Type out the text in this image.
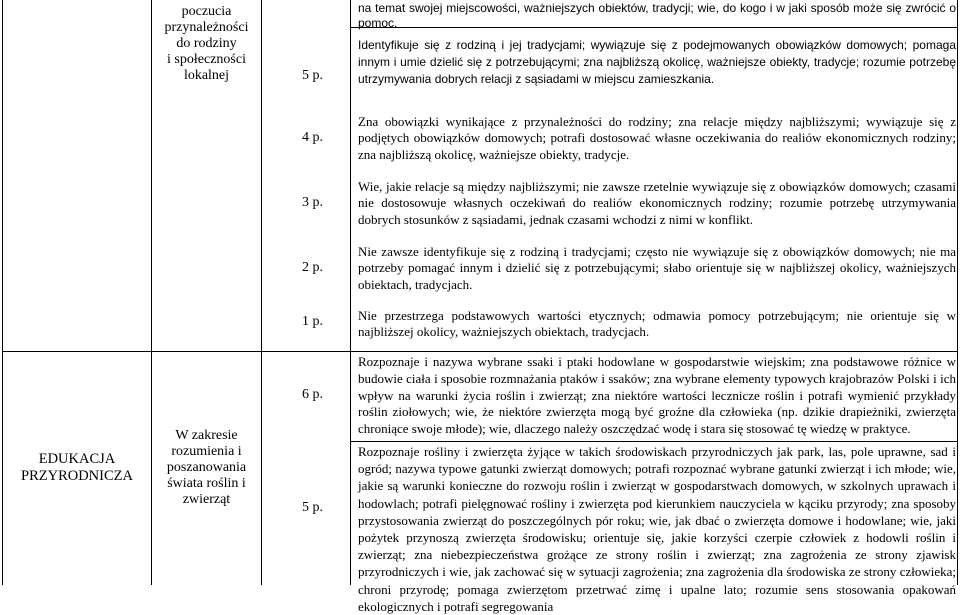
poczucia
przynależności
do rodziny
i społeczności
lokalnej	5 p.
4 p.
3 p.
2 p.
1 p.
na temat swojej miejscowości, ważniejszych obiektów, tradycji; wie, do kogo i w jaki sposób może się zwrócić o pomoc.
Identyfikuje się z rodziną i jej tradycjami; wywiązuje się z podejmowanych obowiązków domowych; pomaga innym i umie dzielić się z potrzebującymi; zna najbliższą okolicę, ważniejsze obiekty, tradycje; rozumie potrzebę utrzymywania dobrych relacji z sąsiadami w miejscu zamieszkania.
Zna obowiązki wynikające z przynależności do rodziny; zna relacje między najbliższymi; wywiązuje się z podjętych obowiązków domowych; potrafi dostosować własne oczekiwania do realiów ekonomicznych rodziny; zna najbliższą okolicę, ważniejsze obiekty, tradycje.
Wie, jakie relacje są między najbliższymi; nie zawsze rzetelnie wywiązuje się z obowiązków domowych; czasami nie dostosowuje własnych oczekiwań do realiów ekonomicznych rodziny; rozumie potrzebę utrzymywania dobrych stosunków z sąsiadami, jednak czasami wchodzi z nimi w konflikt.
Nie zawsze identyfikuje się z rodziną i tradycjami; często nie wywiązuje się z obowiązków domowych; nie ma potrzeby pomagać innym i dzielić się z potrzebującymi; słabo orientuje się w najbliższej okolicy, ważniejszych obiektach, tradycjach.
Nie przestrzega podstawowych wartości etycznych; odmawia pomocy potrzebującym; nie orientuje się w najbliższej okolicy, ważniejszych obiektach, tradycjach.
EDUKACJA
PRZYRODNICZA
W zakresie
rozumienia i
poszanowania
świata roślin i
zwierząt
6 p.
5 p.
Rozpoznaje i nazywa wybrane ssaki i ptaki hodowlane w gospodarstwie wiejskim; zna podstawowe różnice w budowie ciała i sposobie rozmnażania ptaków i ssaków; zna wybrane elementy typowych krajobrazów Polski i ich wpływ na warunki życia roślin i zwierząt; zna niektóre wartości lecznicze roślin i potrafi wymienić przykłady roślin ziołowych; wie, że niektóre zwierzęta mogą być groźne dla człowieka (np. dzikie drapieżniki, zwierzęta chroniące swoje młode); wie, dlaczego należy oszczędzać wodę i stara się stosować tę wiedzę w praktyce.
Rozpoznaje rośliny i zwierzęta żyjące w takich środowiskach przyrodniczych jak park, las, pole uprawne, sad i ogród; nazywa typowe gatunki zwierząt domowych; potrafi rozpoznać wybrane gatunki zwierząt i ich młode; wie, jakie są warunki konieczne do rozwoju roślin i zwierząt w gospodarstwach domowych, w szkolnych uprawach i hodowlach; potrafi pielęgnować rośliny i zwierzęta pod kierunkiem nauczyciela w kąciku przyrody; zna sposoby przystosowania zwierząt do poszczególnych pór roku; wie, jak dbać o zwierzęta domowe i hodowlane; wie, jaki pożytek przynoszą zwierzęta środowisku; orientuje się, jakie korzyści czerpie człowiek z hodowli roślin i zwierząt; zna niebezpieczeństwa grożące ze strony roślin i zwierząt; zna zagrożenia ze strony zjawisk przyrodniczych i wie, jak zachować się w sytuacji zagrożenia; zna zagrożenia dla środowiska ze strony człowieka; chroni przyrodę; pomaga zwierzętom przetrwać zimę i upalne lato; rozumie sens stosowania opakowań ekologicznych i potrafi segregowania
